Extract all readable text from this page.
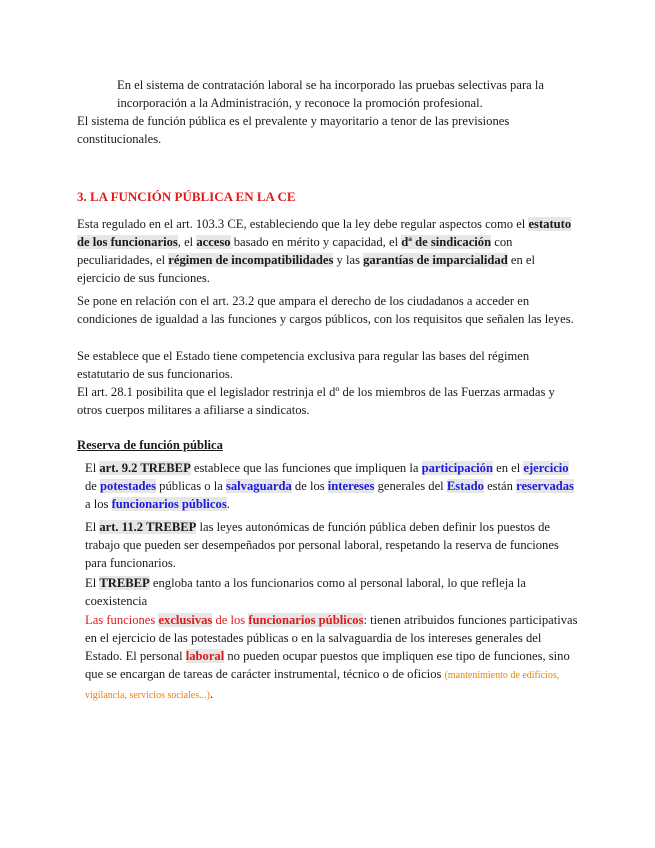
En el sistema de contratación laboral se ha incorporado las pruebas selectivas para la incorporación a la Administración, y reconoce la promoción profesional.

El sistema de función pública es el prevalente y mayoritario a tenor de las previsiones constitucionales.

3. LA FUNCIÓN PÚBLICA EN LA CE

Esta regulado en el art. 103.3 CE, estableciendo que la ley debe regular aspectos como el estatuto de los funcionarios, el acceso basado en mérito y capacidad, el dª de sindicación con peculiaridades, el régimen de incompatibilidades y las garantías de imparcialidad en el ejercicio de sus funciones.

Se pone en relación con el art. 23.2 que ampara el derecho de los ciudadanos a acceder en condiciones de igualdad a las funciones y cargos públicos, con los requisitos que señalen las leyes.

Se establece que el Estado tiene competencia exclusiva para regular las bases del régimen estatutario de sus funcionarios.

El art. 28.1 posibilita que el legislador restrinja el dº de los miembros de las Fuerzas armadas y otros cuerpos militares a afiliarse a sindicatos.

Reserva de función pública

El art. 9.2 TREBEP establece que las funciones que impliquen la participación en el ejercicio de potestades públicas o la salvaguarda de los intereses generales del Estado están reservadas a los funcionarios públicos.

El art. 11.2 TREBEP las leyes autonómicas de función pública deben definir los puestos de trabajo que pueden ser desempeñados por personal laboral, respetando la reserva de funciones para funcionarios.

El TREBEP engloba tanto a los funcionarios como al personal laboral, lo que refleja la coexistencia

Las funciones exclusivas de los funcionarios públicos: tienen atribuidos funciones participativas en el ejercicio de las potestades públicas o en la salvaguardia de los intereses generales del Estado. El personal laboral no pueden ocupar puestos que impliquen ese tipo de funciones, sino que se encargan de tareas de carácter instrumental, técnico o de oficios (mantenimiento de edificios, vigilancia, servicios sociales...).
